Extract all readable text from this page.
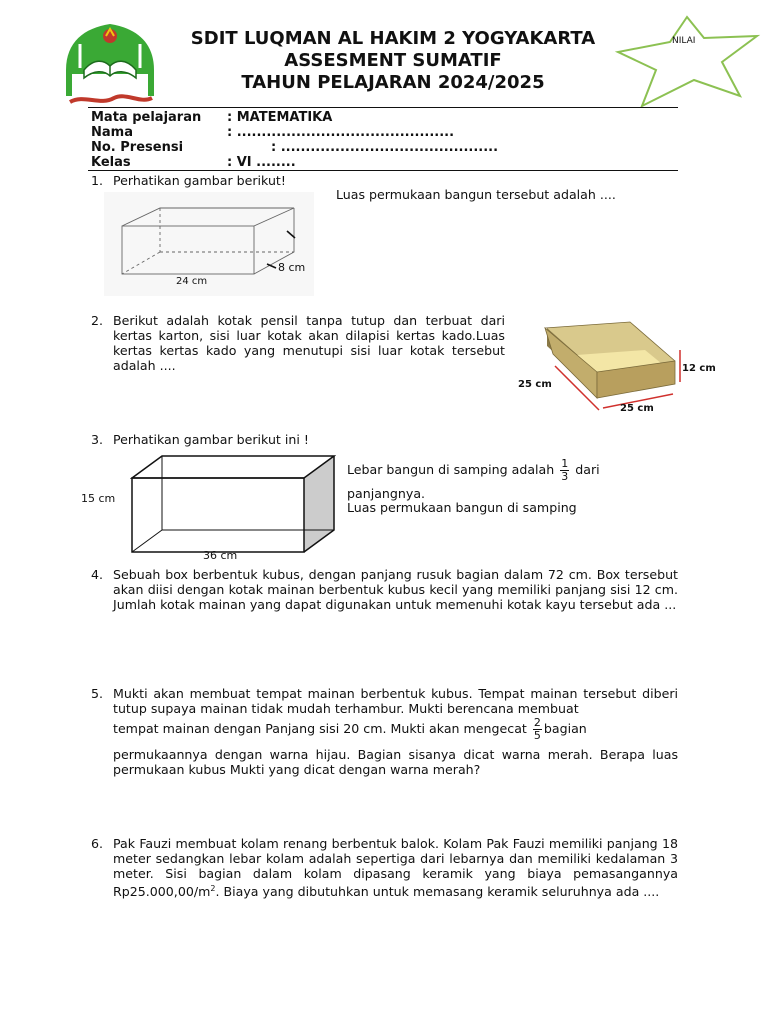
SDIT LUQMAN AL HAKIM 2 YOGYAKARTA
ASSESMENT SUMATIF
TAHUN PELAJARAN 2024/2025
NILAI
Mata pelajaran : MATEMATIKA
Nama	: ............................................
No. Presensi	: ............................................
Kelas	: VI ........
1. Perhatikan gambar berikut!
Luas permukaan bangun tersebut adalah ....
8 cm
24 cm
2. Berikut adalah kotak pensil tanpa tutup dan terbuat dari kertas karton, sisi luar kotak akan dilapisi kertas kado.Luas kertas kertas kado yang menutupi sisi luar kotak tersebut adalah ....	12 cm
25 cm
25 cm
3. Perhatikan gambar berikut ini !
15 cm
36 cm
Lebar bangun di samping adalah $\frac{1}{3}$ dari
panjangnya.
Luas permukaan bangun di samping
4. Sebuah box berbentuk kubus, dengan panjang rusuk bagian dalam 72 cm. Box tersebut akan diisi dengan kotak mainan berbentuk kubus kecil yang memiliki panjang sisi 12 cm. Jumlah kotak mainan yang dapat digunakan untuk memenuhi kotak kayu tersebut ada ...
5. Mukti akan membuat tempat mainan berbentuk kubus. Tempat mainan tersebut diberi tutup supaya mainan tidak mudah terhambur. Mukti berencana membuat
tempat mainan dengan Panjang sisi 20 cm. Mukti akan mengecat $\frac{2}{5}$ bagian
permukaannya dengan warna hijau. Bagian sisanya dicat warna merah. Berapa luas permukaan kubus Mukti yang dicat dengan warna merah?
6. Pak Fauzi membuat kolam renang berbentuk balok. Kolam Pak Fauzi memiliki panjang 18 meter sedangkan lebar kolam adalah sepertiga dari lebarnya dan memiliki kedalaman 3 meter. Sisi bagian dalam kolam dipasang keramik yang biaya pemasangannya $Rp25.000,00/m^2$. Biaya yang dibutuhkan untuk memasang keramik seluruhnya ada ....
